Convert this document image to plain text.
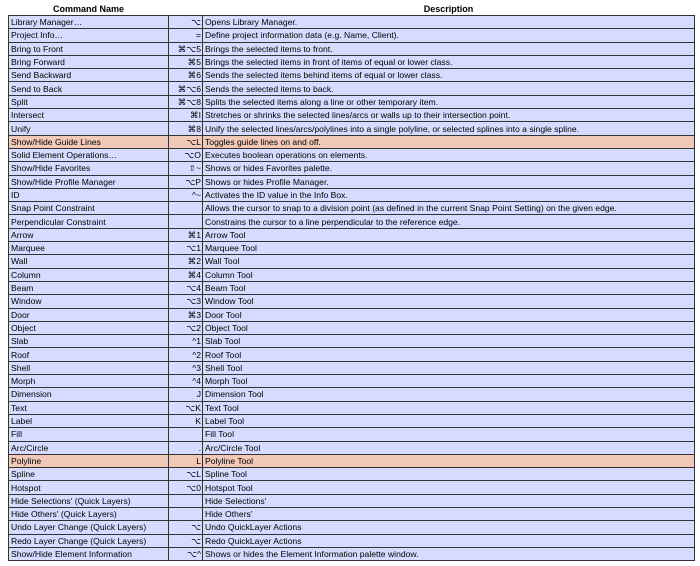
Command Name		Description
Library Manager…	⌥	Opens Library Manager.
Project Info…	=	Define project information data (e.g. Name, Client).
Bring to Front	⌘⌥5	Brings the selected items to front.
Bring Forward	⌘5	Brings the selected items in front of items of equal or lower class.
Send Backward	⌘6	Sends the selected items behind items of equal or lower class.
Send to Back	⌘⌥6	Sends the selected items to back.
Split	⌘⌥8	Splits the selected items along a line or other temporary item.
Intersect	⌘I	Stretches or shrinks the selected lines/arcs or walls up to their intersection point.
Unify	⌘8	Unify the selected lines/arcs/polylines into a single polyline, or selected splines into a single spline.
Show/Hide Guide Lines	⌥L	Toggles guide lines on and off.
Solid Element Operations…	⌥O	Executes boolean operations on elements.
Show/Hide Favorites	⇧~	Shows or hides Favorites palette.
Show/Hide Profile Manager	⌥P	Shows or hides Profile Manager.
ID	^~	Activates the ID value in the Info Box.
Snap Point Constraint		Allows the cursor to snap to a division point (as defined in the current Snap Point Setting) on the given edge.
Perpendicular Constraint		Constrains the cursor to a line perpendicular to the reference edge.
Arrow	⌘1	Arrow Tool
Marquee	⌥1	Marquee Tool
Wall	⌘2	Wall Tool
Column	⌘4	Column Tool
Beam	⌥4	Beam Tool
Window	⌥3	Window Tool
Door	⌘3	Door Tool
Object	⌥2	Object Tool
Slab	^1	Slab Tool
Roof	^2	Roof Tool
Shell	^3	Shell Tool
Morph	^4	Morph Tool
Dimension	J	Dimension Tool
Text	⌥K	Text Tool
Label	K	Label Tool
Fill		Fill Tool
Arc/Circle	.	Arc/Circle Tool
Polyline	L	Polyline Tool
Spline	⌥L	Spline Tool
Hotspot	⌥0	Hotspot Tool
Hide Selections' (Quick Layers)		Hide Selections'
Hide Others' (Quick Layers)		Hide Others'
Undo Layer Change (Quick Layers)	⌥	Undo QuickLayer Actions
Redo Layer Change (Quick Layers)	⌥	Redo QuickLayer Actions
Show/Hide Element Information	⌥^	Shows or hides the Element Information palette window.
